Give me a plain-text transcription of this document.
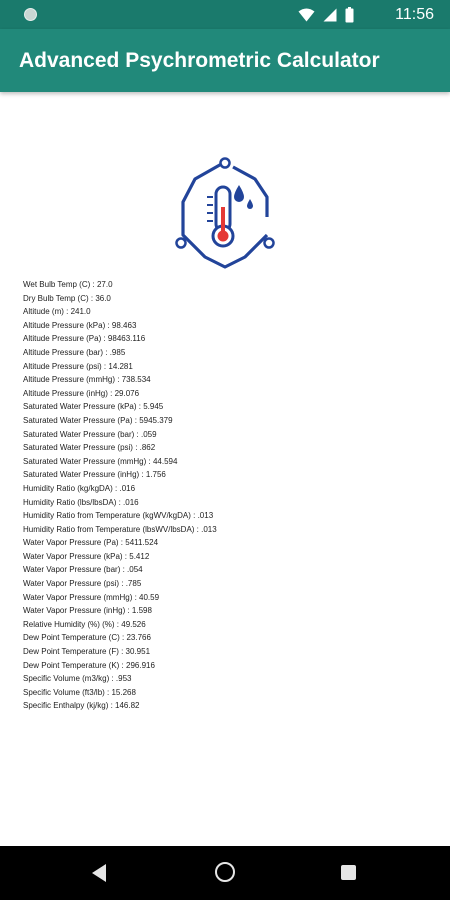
11:56
Advanced Psychrometric Calculator
Wet Bulb Temp (C) : 27.0
Dry Bulb Temp (C) : 36.0
Altitude (m) : 241.0
Altitude Pressure (kPa) : 98.463
Altitude Pressure (Pa) : 98463.116
Altitude Pressure (bar) : .985
Altitude Pressure (psi) : 14.281
Altitude Pressure (mmHg) : 738.534
Altitude Pressure (inHg) : 29.076
Saturated Water Pressure (kPa) : 5.945
Saturated Water Pressure (Pa) : 5945.379
Saturated Water Pressure (bar) : .059
Saturated Water Pressure (psi) : .862
Saturated Water Pressure (mmHg) : 44.594
Saturated Water Pressure (inHg) : 1.756
Humidity Ratio (kg/kgDA) : .016
Humidity Ratio (lbs/lbsDA) : .016
Humidity Ratio from Temperature (kgWV/kgDA) : .013
Humidity Ratio from Temperature (lbsWV/lbsDA) : .013
Water Vapor Pressure (Pa) : 5411.524
Water Vapor Pressure (kPa) : 5.412
Water Vapor Pressure (bar) : .054
Water Vapor Pressure (psi) : .785
Water Vapor Pressure (mmHg) : 40.59
Water Vapor Pressure (inHg) : 1.598
Relative Humidity (%) (%) : 49.526
Dew Point Temperature (C) : 23.766
Dew Point Temperature (F) : 30.951
Dew Point Temperature (K) : 296.916
Specific Volume (m3/kg) : .953
Specific Volume (ft3/lb) : 15.268
Specific Enthalpy (kj/kg) : 146.82
